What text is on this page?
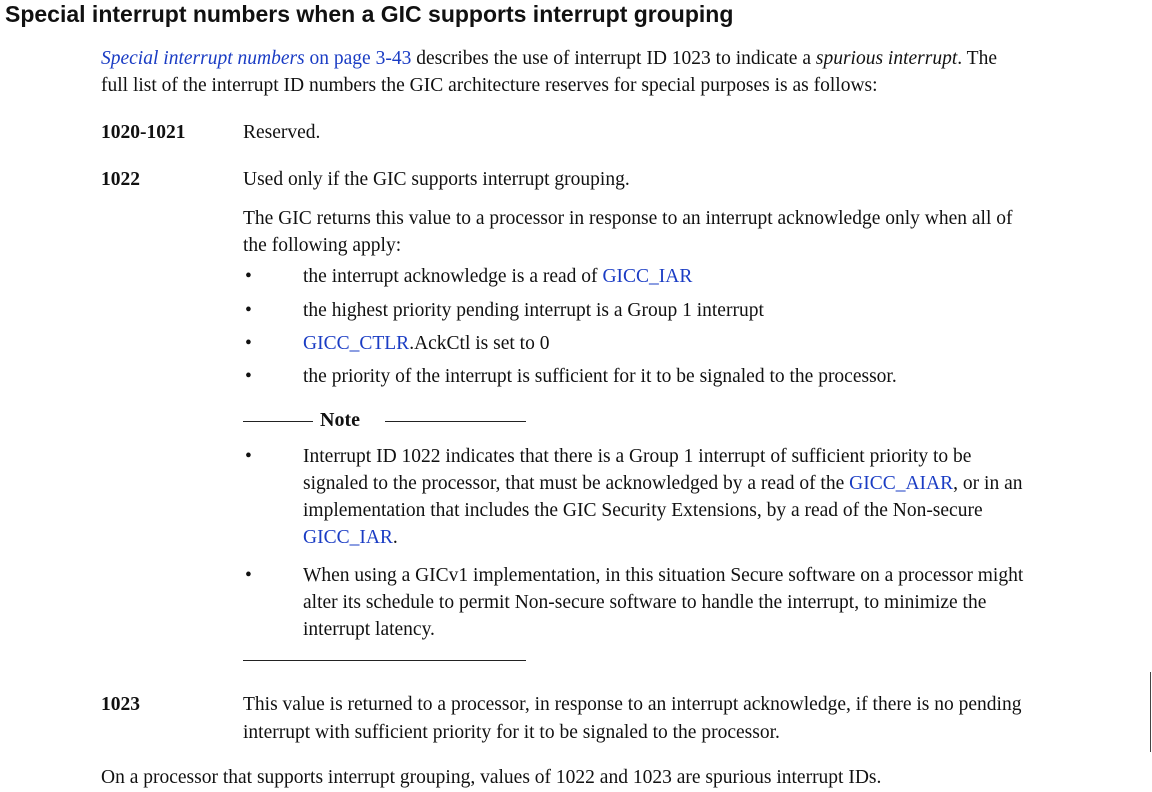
Special interrupt numbers when a GIC supports interrupt grouping
Special interrupt numbers on page 3-43 describes the use of interrupt ID 1023 to indicate a spurious interrupt. The
full list of the interrupt ID numbers the GIC architecture reserves for special purposes is as follows:
1020-1021	Reserved.
1022	Used only if the GIC supports interrupt grouping.
The GIC returns this value to a processor in response to an interrupt acknowledge only when all of
the following apply:
•	the interrupt acknowledge is a read of GICC_IAR
•	the highest priority pending interrupt is a Group 1 interrupt
•	GICC_CTLR.AckCtl is set to 0
•	the priority of the interrupt is sufficient for it to be signaled to the processor.
Note
•	Interrupt ID 1022 indicates that there is a Group 1 interrupt of sufficient priority to be
signaled to the processor, that must be acknowledged by a read of the GICC_AIAR, or in an
implementation that includes the GIC Security Extensions, by a read of the Non-secure
GICC_IAR.
•	When using a GICv1 implementation, in this situation Secure software on a processor might
alter its schedule to permit Non-secure software to handle the interrupt, to minimize the
interrupt latency.
1023	This value is returned to a processor, in response to an interrupt acknowledge, if there is no pending
interrupt with sufficient priority for it to be signaled to the processor.
On a processor that supports interrupt grouping, values of 1022 and 1023 are spurious interrupt IDs.
